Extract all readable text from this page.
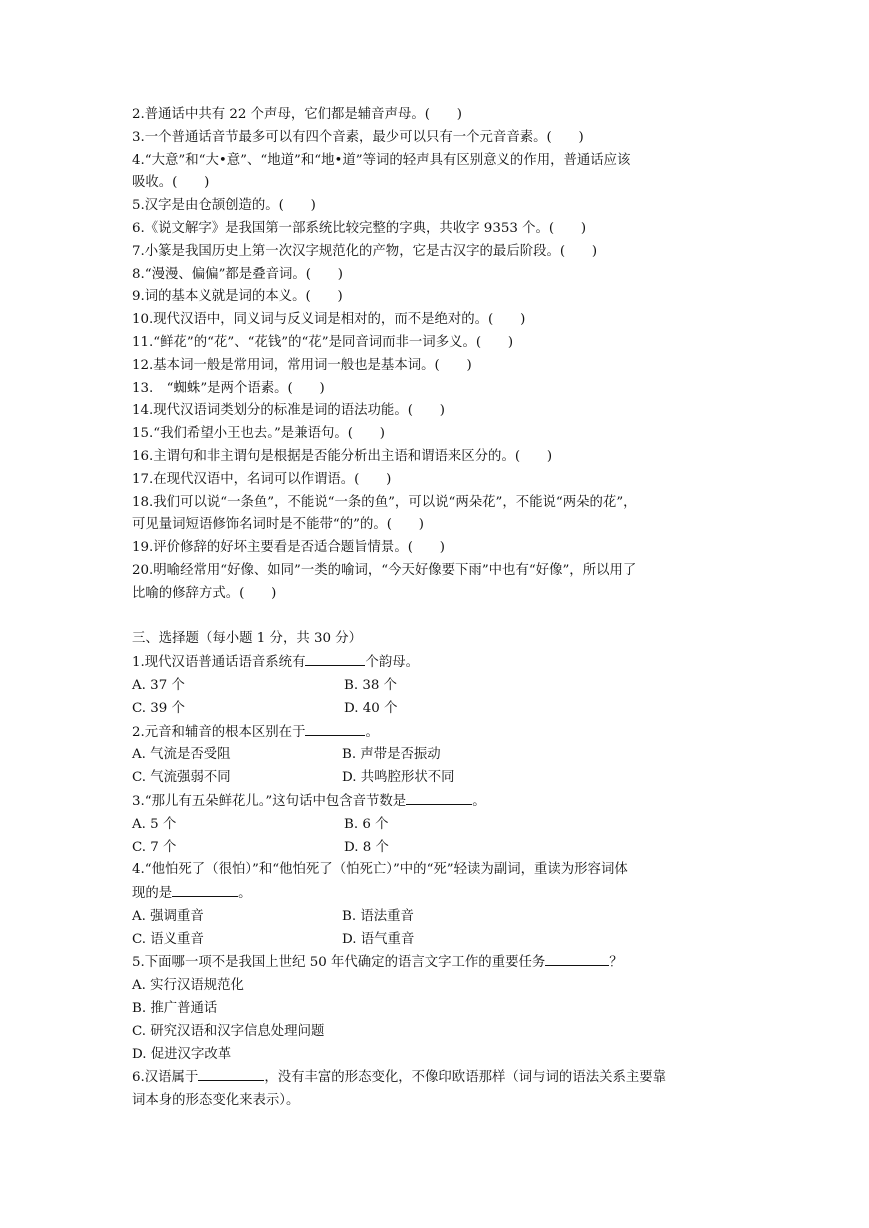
2.普通话中共有 22 个声母，它们都是辅音声母。(　　)

3.一个普通话音节最多可以有四个音素，最少可以只有一个元音音素。(　　)

4.“大意”和“大•意”、“地道”和“地•道”等词的轻声具有区别意义的作用，普通话应该

吸收。(　　)

5.汉字是由仓颉创造的。(　　)

6.《说文解字》是我国第一部系统比较完整的字典，共收字 9353 个。(　　)

7.小篆是我国历史上第一次汉字规范化的产物，它是古汉字的最后阶段。(　　)

8.“漫漫、偏偏”都是叠音词。(　　)

9.词的基本义就是词的本义。(　　)

10.现代汉语中，同义词与反义词是相对的，而不是绝对的。(　　)

11.“鲜花”的“花”、“花钱”的“花”是同音词而非一词多义。(　　)

12.基本词一般是常用词，常用词一般也是基本词。(　　)

13.　“蜘蛛”是两个语素。(　　)

14.现代汉语词类划分的标准是词的语法功能。(　　)

15.“我们希望小王也去。”是兼语句。(　　)

16.主谓句和非主谓句是根据是否能分析出主语和谓语来区分的。(　　)

17.在现代汉语中，名词可以作谓语。(　　)

18.我们可以说“一条鱼”，不能说“一条的鱼”，可以说“两朵花”，不能说“两朵的花”，

可见量词短语修饰名词时是不能带“的”的。(　　)

19.评价修辞的好坏主要看是否适合题旨情景。(　　)

20.明喻经常用“好像、如同”一类的喻词，“今天好像要下雨”中也有“好像”，所以用了

比喻的修辞方式。(　　)

三、选择题（每小题 1 分，共 30 分）

1.现代汉语普通话语音系统有	个韵母。

A. 37 个	B. 38 个
C. 39 个	D. 40 个

2.元音和辅音的根本区别在于	。

A. 气流是否受阻	B. 声带是否振动
C. 气流强弱不同	D. 共鸣腔形状不同

3.“那儿有五朵鲜花儿。”这句话中包含音节数是	。

A. 5 个	B. 6 个
C. 7 个	D. 8 个

4.“他怕死了（很怕）”和“他怕死了（怕死亡）”中的“死”轻读为副词，重读为形容词体

现的是	。

A. 强调重音	B. 语法重音
C. 语义重音	D. 语气重音

5.下面哪一项不是我国上世纪 50 年代确定的语言文字工作的重要任务	？

A. 实行汉语规范化

B. 推广普通话

C. 研究汉语和汉字信息处理问题

D. 促进汉字改革

6.汉语属于	，没有丰富的形态变化，不像印欧语那样（词与词的语法关系主要靠

词本身的形态变化来表示）。
